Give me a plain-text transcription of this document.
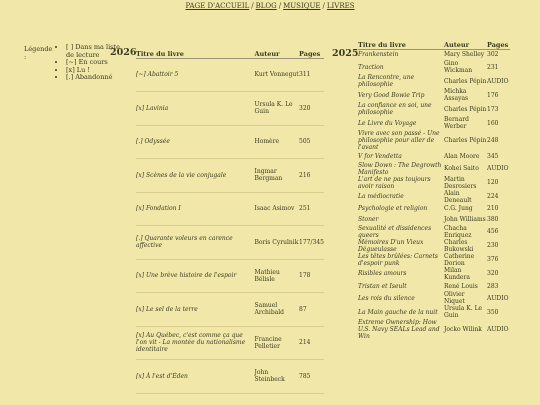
PAGE D'ACCUEIL / BLOG / MUSIQUE / LIVRES
Légende :
• [ ] Dans ma liste de lecture
• [~] En cours
• [x] Lu !
• [.] Abandonné
2026 Titre du livre	Auteur	Pages
[~] Abattoir 5	Kurt Vonnegut	311
[x] Lavinia	Ursula K. Le Guin	320
[.] Odyssée	Homère	505
[x] Scènes de la vie conjugale	Ingmar Bergman	216
[x] Fondation I	Isaac Asimov	251
[.] Quarante voleurs en carence affective	Boris Cyrulnik	177/345
[x] Une brève histoire de l'espoir	Mathieu Bélisle	178
[x] Le sel de la terre	Samuel Archibald	87
[x] Au Québec, c'est comme ça que l'on vit - La montée du nationalisme identitaire	Francine Pelletier	214
[x] À l'est d'Éden	John Steinbeck	785
2025
Titre du livre	Auteur	Pages
Frankenstein	Mary Shelley	302
Traction	Gino Wickman	231
La Rencontre, une philosophie	Charles Pépin	AUDIO
Very Good Bowie Trip	Michka Assayas	176
La confiance en soi, une philosophie	Charles Pépin	173
Le Livre du Voyage	Bernard Werber	160
Vivre avec son passé - Une philosophie pour aller de l'avant	Charles Pépin	248
V for Vendetta	Alan Moore	345
Slow Down : The Degrowth Manifesto	Kohei Saito	AUDIO
L'art de ne pas toujours avoir raison	Martin Desrosiers	120
La médiocratie	Alain Deneault	224
Psychologie et religion	C.G. Jung	210
Stoner	John Williams	380
Sexualité et dissidences queers	Chacha Enriquez	456
Mémoires D'un Vieux Dégueulasse	Charles Bukowski	230
Les têtes brûlées: Carnets d'espoir punk	Catherine Dorion	376
Risibles amours	Milan Kundera	320
Tristan et Iseult	René Louis	283
Les rois du silence	Olivier Niquet	AUDIO
La Main gauche de la nuit	Ursula K. Le Guin	350
Extreme Ownership: How U.S. Navy SEALs Lead and Win	Jocko Wilink	AUDIO
